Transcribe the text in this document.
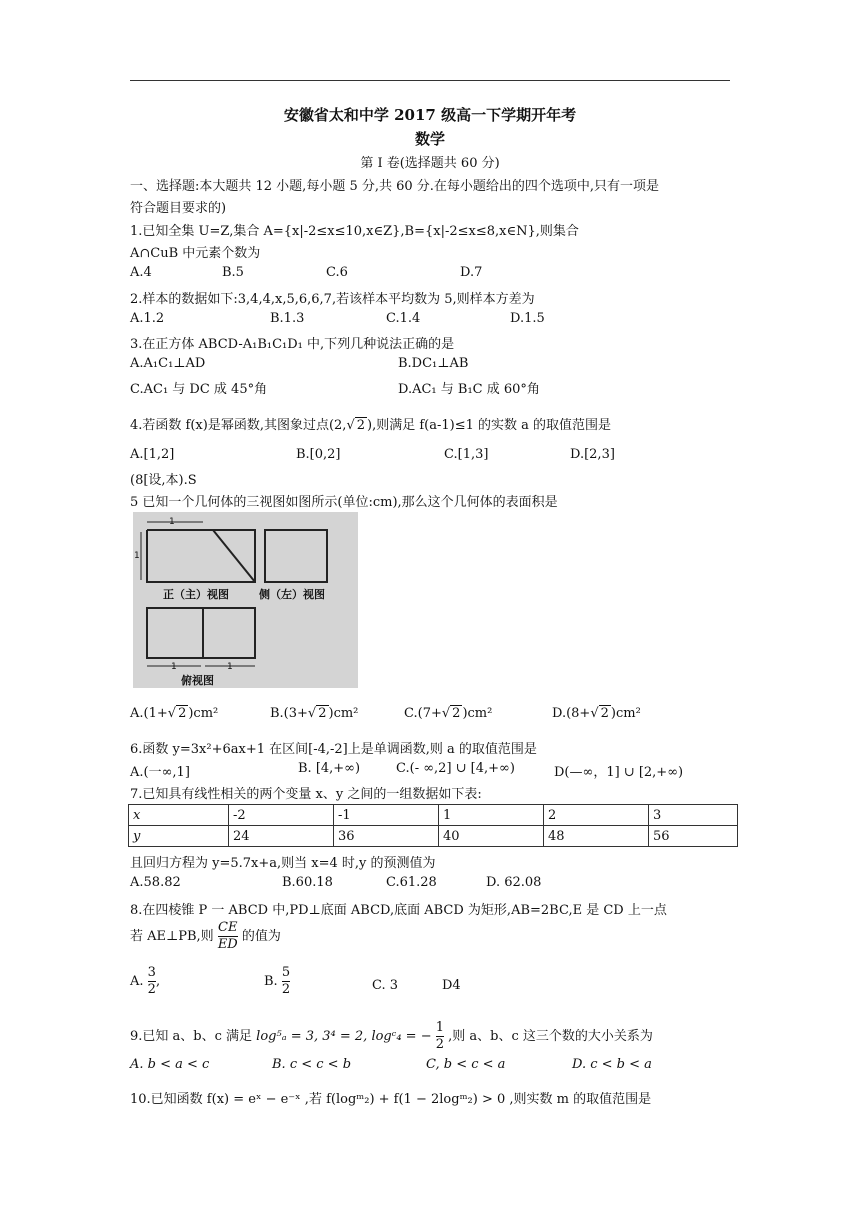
安徽省太和中学 2017 级高一下学期开年考
数学
第 I 卷(选择题共 60 分)
一、选择题:本大题共 12 小题,每小题 5 分,共 60 分.在每小题给出的四个选项中,只有一项是
符合题目要求的)
1.已知全集 U=Z,集合 A={x|-2≤x≤10,x∈Z},B={x|-2≤x≤8,x∈N},则集合
A∩CuB 中元素个数为
A.4	B.5	C.6	D.7
2.样本的数据如下:3,4,4,x,5,6,6,7,若该样本平均数为 5,则样本方差为
A.1.2	B.1.3	C.1.4	D.1.5
3.在正方体 ABCD-A₁B₁C₁D₁ 中,下列几种说法正确的是
A.A₁C₁⊥AD	B.DC₁⊥AB
C.AC₁ 与 DC 成 45°角	D.AC₁ 与 B₁C 成 60°角
4.若函数 f(x)是幂函数,其图象过点(2,√ 2 ),则满足 f(a-1)≤1 的实数 a 的取值范围是
A.[1,2]	B.[0,2]	C.[1,3]	D.[2,3]
(8[设,本).S
5 已知一个几何体的三视图如图所示(单位:cm),那么这个几何体的表面积是
1
1
正（主）视图	侧（左）视图
1	1
俯视图
A.(1+√ 2 )cm²	B.(3+√ 2 )cm²	C.(7+√ 2 )cm²	D.(8+√ 2 )cm²
6.函数 y=3x²+6ax+1 在区间[-4,-2]上是单调函数,则 a 的取值范围是
A.(一∞,1]	B. [4,+∞)	C.(- ∞,2] ∪ [4,+∞)	D(—∞，1] ∪ [2,+∞)
7.已知具有线性相关的两个变量 x、y 之间的一组数据如下表:
x	-2	-1	1	2	3
y	24	36	40	48	56
且回归方程为 y=5.7x+a,则当 x=4 时,y 的预测值为
A.58.82	B.60.18	C.61.28	D. 62.08
8.在四棱锥 P 一 ABCD 中,PD⊥底面 ABCD,底面 ABCD 为矩形,AB=2BC,E 是 CD 上一点
若 AE⊥PB,则 $\frac{CE}{ED}$ 的值为
A. $\frac{3}{2}$ ,	B. $\frac{5}{2}$	C. 3	D4
9.已知 a、b、c 满足 log⁵ₐ = 3, 3⁴ = 2, logᶜ₄ = − $\frac{1}{2}$ ,则 a、b、c 这三个数的大小关系为
A. b < a < c	B. c < c < b	C, b < c < a	D. c < b < a
10.已知函数 f(x) = eˣ − e⁻ˣ ,若 f(logᵐ₂) + f(1 − 2logᵐ₂) > 0 ,则实数 m 的取值范围是
